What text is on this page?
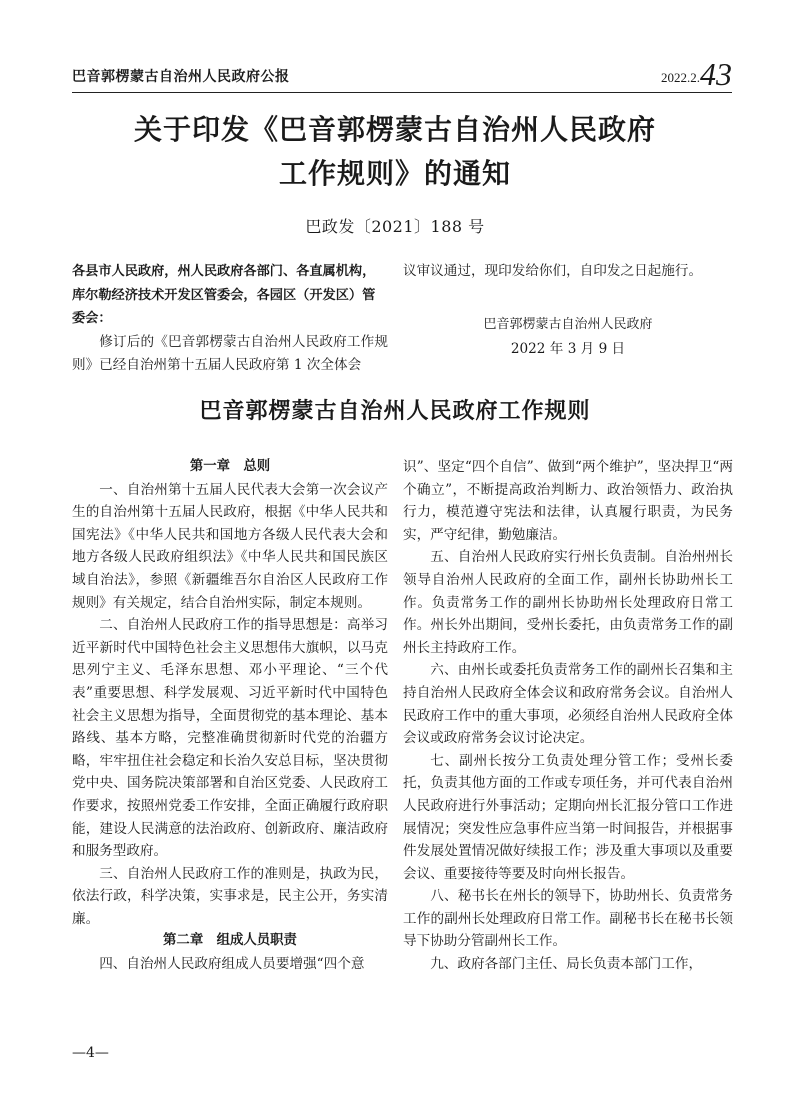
巴音郭楞蒙古自治州人民政府公报	2022.2. 43
关于印发《巴音郭楞蒙古自治州人民政府
工作规则》的通知
巴政发〔2021〕188 号

各县市人民政府，州人民政府各部门、各直属机构，库尔勒经济技术开发区管委会，各园区（开发区）管委会：

修订后的《巴音郭楞蒙古自治州人民政府工作规则》已经自治州第十五届人民政府第 1 次全体会

议审议通过，现印发给你们，自印发之日起施行。

巴音郭楞蒙古自治州人民政府
2022 年 3 月 9 日
巴音郭楞蒙古自治州人民政府工作规则

第一章　总则

一、自治州第十五届人民代表大会第一次会议产生的自治州第十五届人民政府，根据《中华人民共和国宪法》《中华人民共和国地方各级人民代表大会和地方各级人民政府组织法》《中华人民共和国民族区域自治法》，参照《新疆维吾尔自治区人民政府工作规则》有关规定，结合自治州实际，制定本规则。

二、自治州人民政府工作的指导思想是：高举习近平新时代中国特色社会主义思想伟大旗帜，以马克思列宁主义、毛泽东思想、邓小平理论、“三个代表”重要思想、科学发展观、习近平新时代中国特色社会主义思想为指导，全面贯彻党的基本理论、基本路线、基本方略，完整准确贯彻新时代党的治疆方略，牢牢扭住社会稳定和长治久安总目标，坚决贯彻党中央、国务院决策部署和自治区党委、人民政府工作要求，按照州党委工作安排，全面正确履行政府职能，建设人民满意的法治政府、创新政府、廉洁政府和服务型政府。

三、自治州人民政府工作的准则是，执政为民，依法行政，科学决策，实事求是，民主公开，务实清廉。

第二章　组成人员职责

四、自治州人民政府组成人员要增强“四个意

识”、坚定“四个自信”、做到“两个维护”，坚决捍卫“两个确立”，不断提高政治判断力、政治领悟力、政治执行力，模范遵守宪法和法律，认真履行职责，为民务实，严守纪律，勤勉廉洁。

五、自治州人民政府实行州长负责制。自治州州长领导自治州人民政府的全面工作，副州长协助州长工作。负责常务工作的副州长协助州长处理政府日常工作。州长外出期间，受州长委托，由负责常务工作的副州长主持政府工作。

六、由州长或委托负责常务工作的副州长召集和主持自治州人民政府全体会议和政府常务会议。自治州人民政府工作中的重大事项，必须经自治州人民政府全体会议或政府常务会议讨论决定。

七、副州长按分工负责处理分管工作；受州长委托，负责其他方面的工作或专项任务，并可代表自治州人民政府进行外事活动；定期向州长汇报分管口工作进展情况；突发性应急事件应当第一时间报告，并根据事件发展处置情况做好续报工作；涉及重大事项以及重要会议、重要接待等要及时向州长报告。

八、秘书长在州长的领导下，协助州长、负责常务工作的副州长处理政府日常工作。副秘书长在秘书长领导下协助分管副州长工作。

九、政府各部门主任、局长负责本部门工作，

—4—
